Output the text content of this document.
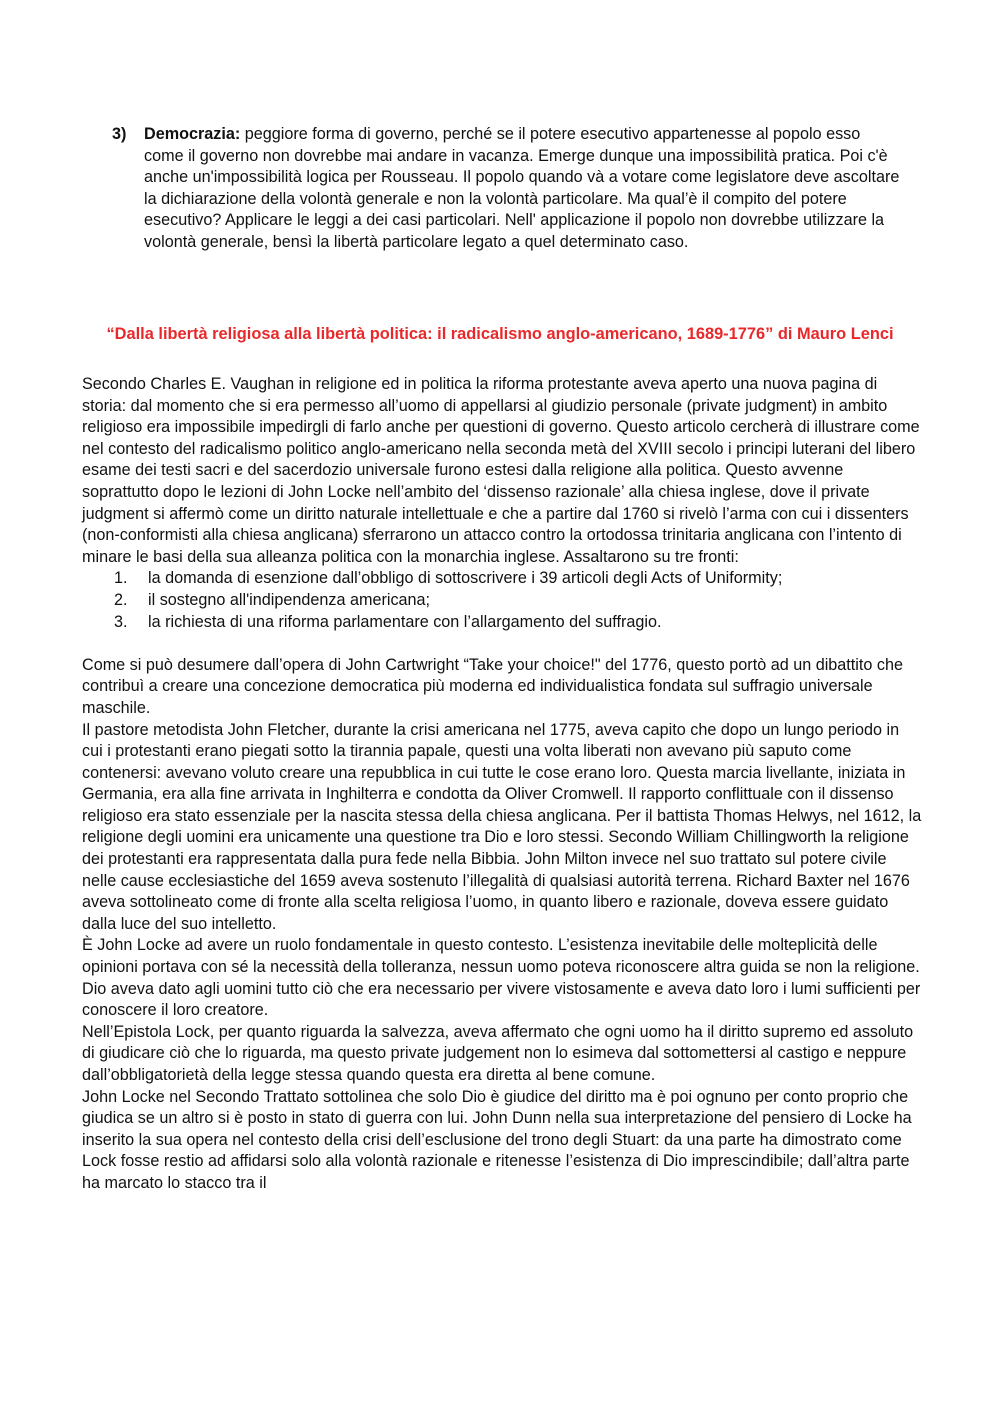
3)	Democrazia: peggiore forma di governo, perché se il potere esecutivo appartenesse al popolo esso come il governo non dovrebbe mai andare in vacanza. Emerge dunque una impossibilità pratica. Poi c'è anche un'impossibilità logica per Rousseau. Il popolo quando và a votare come legislatore deve ascoltare la dichiarazione della volontà generale e non la volontà particolare. Ma qual’è il compito del potere esecutivo? Applicare le leggi a dei casi particolari. Nell' applicazione il popolo non dovrebbe utilizzare la volontà generale, bensì la libertà particolare legato a quel determinato caso.
“Dalla libertà religiosa alla libertà politica: il radicalismo anglo-americano, 1689-1776” di Mauro Lenci

Secondo Charles E. Vaughan in religione ed in politica la riforma protestante aveva aperto una nuova pagina di storia: dal momento che si era permesso all’uomo di appellarsi al giudizio personale (private judgment) in ambito religioso era impossibile impedirgli di farlo anche per questioni di governo. Questo articolo cercherà di illustrare come nel contesto del radicalismo politico anglo-americano nella seconda metà del XVIII secolo i principi luterani del libero esame dei testi sacri e del sacerdozio universale furono estesi dalla religione alla politica. Questo avvenne soprattutto dopo le lezioni di John Locke nell’ambito del ‘dissenso razionale’ alla chiesa inglese, dove il private judgment si affermò come un diritto naturale intellettuale e che a partire dal 1760 si rivelò l’arma con cui i dissenters (non-conformisti alla chiesa anglicana) sferrarono un attacco contro la ortodossa trinitaria anglicana con l’intento di minare le basi della sua alleanza politica con la monarchia inglese. Assaltarono su tre fronti:

1.	la domanda di esenzione dall’obbligo di sottoscrivere i 39 articoli degli Acts of Uniformity;
2.	il sostegno all'indipendenza americana;
3.	la richiesta di una riforma parlamentare con l’allargamento del suffragio.

Come si può desumere dall’opera di John Cartwright “Take your choice!" del 1776, questo portò ad un dibattito che contribuì a creare una concezione democratica più moderna ed individualistica fondata sul suffragio universale maschile.

Il pastore metodista John Fletcher, durante la crisi americana nel 1775, aveva capito che dopo un lungo periodo in cui i protestanti erano piegati sotto la tirannia papale, questi una volta liberati non avevano più saputo come contenersi: avevano voluto creare una repubblica in cui tutte le cose erano loro. Questa marcia livellante, iniziata in Germania, era alla fine arrivata in Inghilterra e condotta da Oliver Cromwell. Il rapporto conflittuale con il dissenso religioso era stato essenziale per la nascita stessa della chiesa anglicana. Per il battista Thomas Helwys, nel 1612, la religione degli uomini era unicamente una questione tra Dio e loro stessi. Secondo William Chillingworth la religione dei protestanti era rappresentata dalla pura fede nella Bibbia. John Milton invece nel suo trattato sul potere civile nelle cause ecclesiastiche del 1659 aveva sostenuto l’illegalità di qualsiasi autorità terrena. Richard Baxter nel 1676 aveva sottolineato come di fronte alla scelta religiosa l’uomo, in quanto libero e razionale, doveva essere guidato dalla luce del suo intelletto.

È John Locke ad avere un ruolo fondamentale in questo contesto. L’esistenza inevitabile delle molteplicità delle opinioni portava con sé la necessità della tolleranza, nessun uomo poteva riconoscere altra guida se non la religione. Dio aveva dato agli uomini tutto ciò che era necessario per vivere vistosamente e aveva dato loro i lumi sufficienti per conoscere il loro creatore.

Nell’Epistola Lock, per quanto riguarda la salvezza, aveva affermato che ogni uomo ha il diritto supremo ed assoluto di giudicare ciò che lo riguarda, ma questo private judgement non lo esimeva dal sottomettersi al castigo e neppure dall’obbligatorietà della legge stessa quando questa era diretta al bene comune.

John Locke nel Secondo Trattato sottolinea che solo Dio è giudice del diritto ma è poi ognuno per conto proprio che giudica se un altro si è posto in stato di guerra con lui. John Dunn nella sua interpretazione del pensiero di Locke ha inserito la sua opera nel contesto della crisi dell’esclusione del trono degli Stuart: da una parte ha dimostrato come Lock fosse restio ad affidarsi solo alla volontà razionale e ritenesse l’esistenza di Dio imprescindibile; dall’altra parte ha marcato lo stacco tra il
